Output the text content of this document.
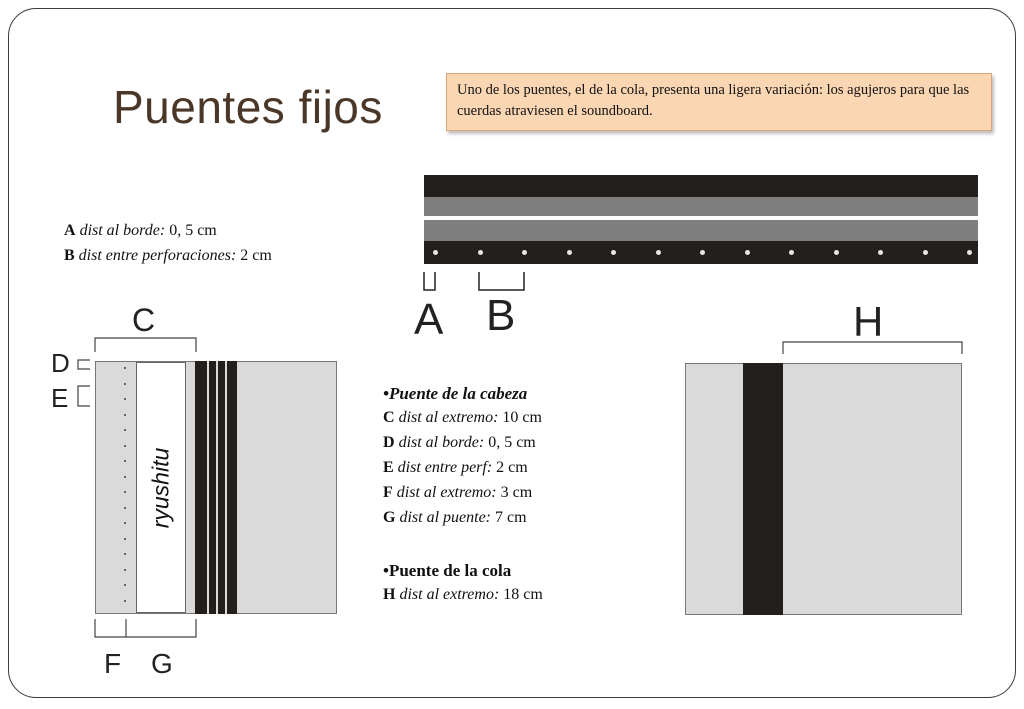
Puentes fijos	Uno de los puentes, el de la cola, presenta una ligera variación: los agujeros para que las cuerdas atraviesen el soundboard.
A dist al borde: 0, 5 cm
B dist entre perforaciones: 2 cm
A B
C
D
E
ryushitu
F G
•Puente de la cabeza
C dist al extremo: 10 cm
D dist al borde: 0, 5 cm
E dist entre perf: 2 cm
F dist al extremo: 3 cm
G dist al puente: 7 cm
•Puente de la cola
H dist al extremo: 18 cm
H
